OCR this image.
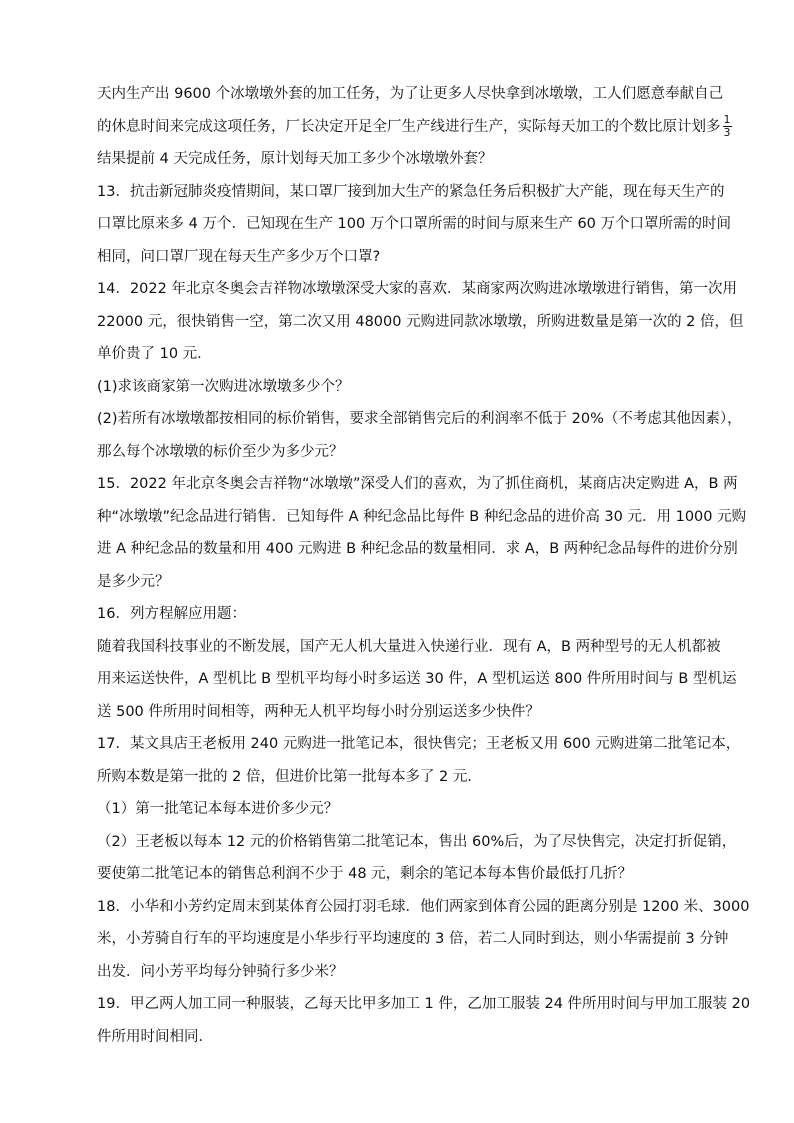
天内生产出 9600 个冰墩墩外套的加工任务，为了让更多人尽快拿到冰墩墩，工人们愿意奉献自己
的休息时间来完成这项任务，厂长决定开足全厂生产线进行生产，实际每天加工的个数比原计划多 $\frac{1}{3}$
结果提前 4 天完成任务，原计划每天加工多少个冰墩墩外套？
13．抗击新冠肺炎疫情期间，某口罩厂接到加大生产的紧急任务后积极扩大产能，现在每天生产的
口罩比原来多 4 万个．已知现在生产 100 万个口罩所需的时间与原来生产 60 万个口罩所需的时间
相同，问口罩厂现在每天生产多少万个口罩?
14．2022 年北京冬奥会吉祥物冰墩墩深受大家的喜欢．某商家两次购进冰墩墩进行销售，第一次用
22000 元，很快销售一空，第二次又用 48000 元购进同款冰墩墩，所购进数量是第一次的 2 倍，但
单价贵了 10 元．
(1)求该商家第一次购进冰墩墩多少个？
(2)若所有冰墩墩都按相同的标价销售，要求全部销售完后的利润率不低于 20%（不考虑其他因素），
那么每个冰墩墩的标价至少为多少元？
15．2022 年北京冬奥会吉祥物“冰墩墩”深受人们的喜欢，为了抓住商机，某商店决定购进 A，B 两
种“冰墩墩”纪念品进行销售．已知每件 A 种纪念品比每件 B 种纪念品的进价高 30 元．用 1000 元购
进 A 种纪念品的数量和用 400 元购进 B 种纪念品的数量相同．求 A，B 两种纪念品每件的进价分别
是多少元？
16．列方程解应用题：
随着我国科技事业的不断发展，国产无人机大量进入快递行业．现有 A，B 两种型号的无人机都被
用来运送快件，A 型机比 B 型机平均每小时多运送 30 件，A 型机运送 800 件所用时间与 B 型机运
送 500 件所用时间相等，两种无人机平均每小时分别运送多少快件？
17．某文具店王老板用 240 元购进一批笔记本，很快售完；王老板又用 600 元购进第二批笔记本，
所购本数是第一批的 2 倍，但进价比第一批每本多了 2 元．
（1）第一批笔记本每本进价多少元？
（2）王老板以每本 12 元的价格销售第二批笔记本，售出 60%后，为了尽快售完，决定打折促销，
要使第二批笔记本的销售总利润不少于 48 元，剩余的笔记本每本售价最低打几折？
18．小华和小芳约定周末到某体育公园打羽毛球．他们两家到体育公园的距离分别是 1200 米、3000
米，小芳骑自行车的平均速度是小华步行平均速度的 3 倍，若二人同时到达，则小华需提前 3 分钟
出发．问小芳平均每分钟骑行多少米？
19．甲乙两人加工同一种服装，乙每天比甲多加工 1 件，乙加工服装 24 件所用时间与甲加工服装 20
件所用时间相同．
